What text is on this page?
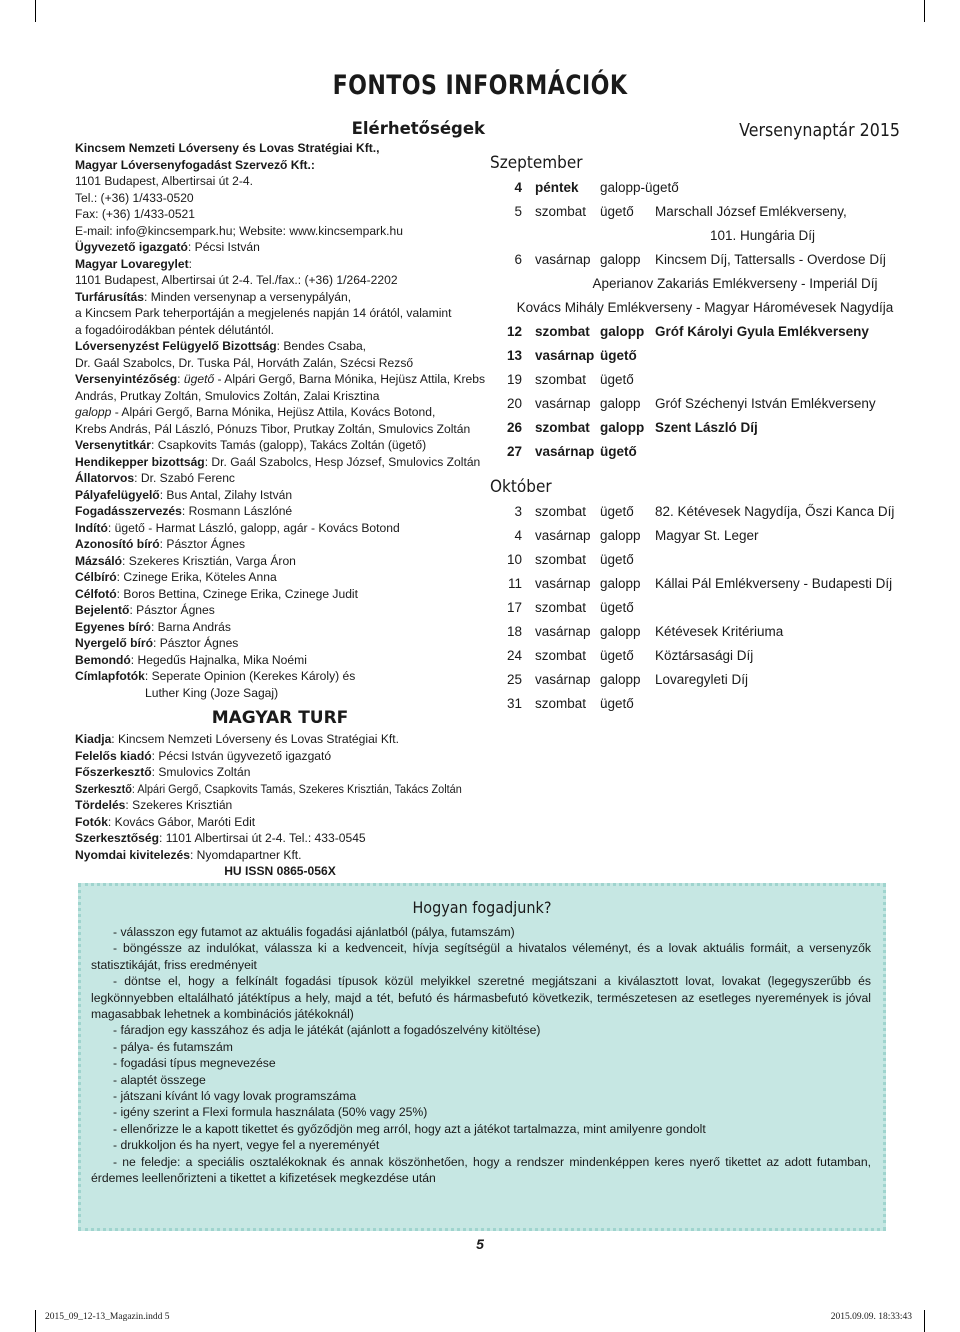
FONTOS INFORMÁCIÓK
Elérhetőségek
Kincsem Nemzeti Lóverseny és Lovas Stratégiai Kft.,
Magyar Lóversenyfogadást Szervező Kft.:
1101 Budapest, Albertirsai út 2-4.
Tel.: (+36) 1/433-0520
Fax: (+36) 1/433-0521
E-mail: info@kincsempark.hu; Website: www.kincsempark.hu
Ügyvezető igazgató: Pécsi István
Magyar Lovaregylet:
1101 Budapest, Albertirsai út 2-4. Tel./fax.: (+36) 1/264-2202
Turfárusítás: Minden versenynap a versenypályán,
a Kincsem Park teherportáján a megjelenés napján 14 órától, valamint
a fogadóirodákban péntek délutántól.
Lóversenyzést Felügyelő Bizottság: Bendes Csaba,
Dr. Gaál Szabolcs, Dr. Tuska Pál, Horváth Zalán, Szécsi Rezső
Versenyintézőség: ügető - Alpári Gergő, Barna Mónika, Hejüsz Attila, Krebs
András, Prutkay Zoltán, Smulovics Zoltán, Zalai Krisztina
galopp - Alpári Gergő, Barna Mónika, Hejüsz Attila, Kovács Botond,
Krebs András, Pál László, Pónuzs Tibor, Prutkay Zoltán, Smulovics Zoltán
Versenytitkár: Csapkovits Tamás (galopp), Takács Zoltán (ügető)
Hendikepper bizottság: Dr. Gaál Szabolcs, Hesp József, Smulovics Zoltán
Állatorvos: Dr. Szabó Ferenc
Pályafelügyelő: Bus Antal, Zilahy István
Fogadásszervezés: Rosmann Lászlóné
Indító: ügető - Harmat László, galopp, agár - Kovács Botond
Azonosító bíró: Pásztor Ágnes
Mázsáló: Szekeres Krisztián, Varga Áron
Célbíró: Czinege Erika, Köteles Anna
Célfotó: Boros Bettina, Czinege Erika, Czinege Judit
Bejelentő: Pásztor Ágnes
Egyenes bíró: Barna András
Nyergelő bíró: Pásztor Ágnes
Bemondó: Hegedűs Hajnalka, Mika Noémi
Címlapfotók: Seperate Opinion (Kerekes Károly) és
Luther King (Joze Sagaj)
MAGYAR TURF
Kiadja: Kincsem Nemzeti Lóverseny és Lovas Stratégiai Kft.
Felelős kiadó: Pécsi István ügyvezető igazgató
Főszerkesztő: Smulovics Zoltán
Szerkesztő: Alpári Gergő, Csapkovits Tamás, Szekeres Krisztián, Takács Zoltán
Tördelés: Szekeres Krisztián
Fotók: Kovács Gábor, Maróti Edit
Szerkesztőség: 1101 Albertirsai út 2-4. Tel.: 433-0545
Nyomdai kivitelezés: Nyomdapartner Kft.
HU ISSN 0865-056X
Versenynaptár 2015
Szeptember
4 péntek galopp-ügető
5 szombat ügető Marschall József Emlékverseny,
101. Hungária Díj
6 vasárnap galopp Kincsem Díj, Tattersalls - Overdose Díj
Aperianov Zakariás Emlékverseny - Imperiál Díj
Kovács Mihály Emlékverseny - Magyar Háromévesek Nagydíja
12 szombat galopp Gróf Károlyi Gyula Emlékverseny
13 vasárnap ügető
19 szombat ügető
20 vasárnap galopp Gróf Széchenyi István Emlékverseny
26 szombat galopp Szent László Díj
27 vasárnap ügető
Október
3 szombat ügető 82. Kétévesek Nagydíja, Őszi Kanca Díj
4 vasárnap galopp Magyar St. Leger
10 szombat ügető
11 vasárnap galopp Kállai Pál Emlékverseny - Budapesti Díj
17 szombat ügető
18 vasárnap galopp Kétévesek Kritériuma
24 szombat ügető Köztársasági Díj
25 vasárnap galopp Lovaregyleti Díj
31 szombat ügető
Hogyan fogadjunk?
- válasszon egy futamot az aktuális fogadási ajánlatból (pálya, futamszám)
- böngéssze az indulókat, válassza ki a kedvenceit, hívja segítségül a hivatalos véleményt, és a lovak aktuális formáit, a versenyzők statisztikáját, friss eredményeit
- döntse el, hogy a felkínált fogadási típusok közül melyikkel szeretné megjátszani a kiválasztott lovat, lovakat (legegyszerűbb és legkönnyebben eltalálható játéktípus a hely, majd a tét, befutó és hármasbefutó következik, természetesen az esetleges nyeremények is jóval magasabbak lehetnek a kombinációs játékoknál)
- fáradjon egy kasszához és adja le játékát (ajánlott a fogadószelvény kitöltése)
- pálya- és futamszám
- fogadási típus megnevezése
- alaptét összege
- játszani kívánt ló vagy lovak programszáma
- igény szerint a Flexi formula használata (50% vagy 25%)
- ellenőrizze le a kapott tikettet és győződjön meg arról, hogy azt a játékot tartalmazza, mint amilyenre gondolt
- drukkoljon és ha nyert, vegye fel a nyereményét
- ne feledje: a speciális osztalékoknak és annak köszönhetően, hogy a rendszer mindenképpen keres nyerő tikettet az adott futamban, érdemes leellenőrizteni a tikettet a kifizetések megkezdése után
5
2015_09_12-13_Magazin.indd 5	2015.09.09. 18:33:43
